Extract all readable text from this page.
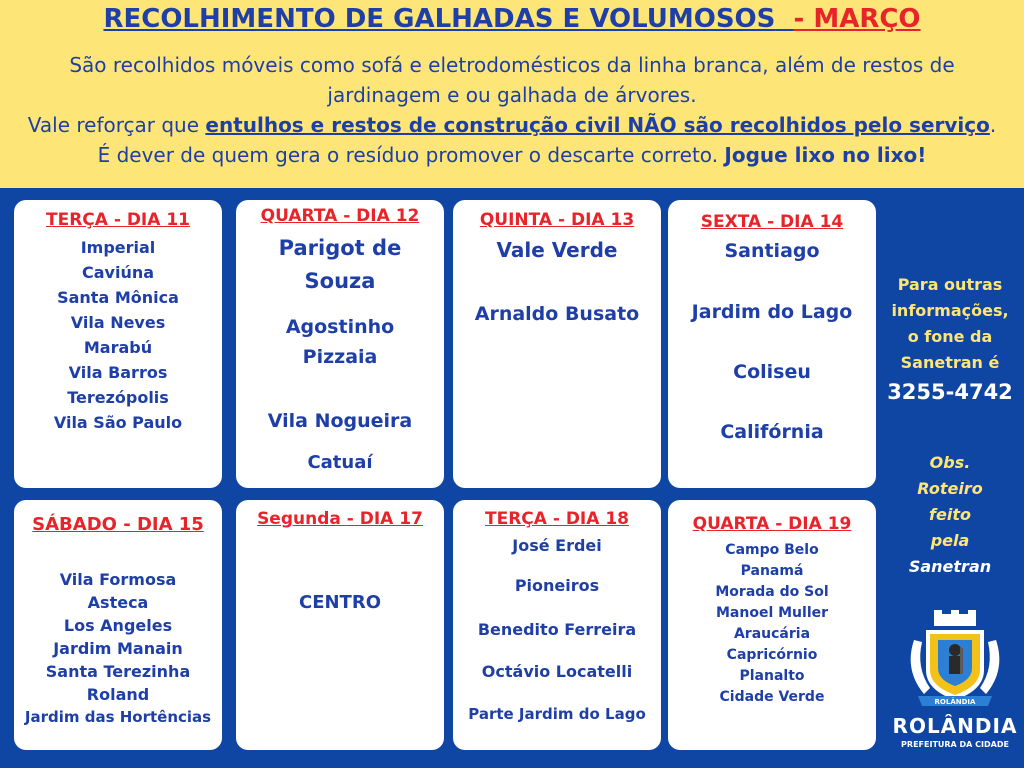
RECOLHIMENTO DE GALHADAS E VOLUMOSOS - MARÇO
São recolhidos móveis como sofá e eletrodomésticos da linha branca, além de restos de
jardinagem e ou galhada de árvores.
Vale reforçar que entulhos e restos de construção civil NÃO são recolhidos pelo serviço.
É dever de quem gera o resíduo promover o descarte correto. Jogue lixo no lixo!
TERÇA - DIA 11
Imperial
Caviúna
Santa Mônica
Vila Neves
Marabú
Vila Barros
Terezópolis
Vila São Paulo
QUARTA - DIA 12
Parigot de
Souza
Agostinho
Pizzaia
Vila Nogueira
Catuaí
QUINTA - DIA 13
Vale Verde
Arnaldo Busato
SEXTA - DIA 14
Santiago
Jardim do Lago
Coliseu
Califórnia
SÁBADO - DIA 15
Vila Formosa
Asteca
Los Angeles
Jardim Manain
Santa Terezinha
Roland
Jardim das Hortências
Segunda - DIA 17
CENTRO
TERÇA - DIA 18
José Erdei
Pioneiros
Benedito Ferreira
Octávio Locatelli
Parte Jardim do Lago
QUARTA - DIA 19
Campo Belo
Panamá
Morada do Sol
Manoel Muller
Araucária
Capricórnio
Planalto
Cidade Verde
Para outras
informações,
o fone da
Sanetran é
3255-4742
Obs.
Roteiro
feito
pela
Sanetran
ROLÂNDIA
ROLÂNDIA
PREFEITURA DA CIDADE
